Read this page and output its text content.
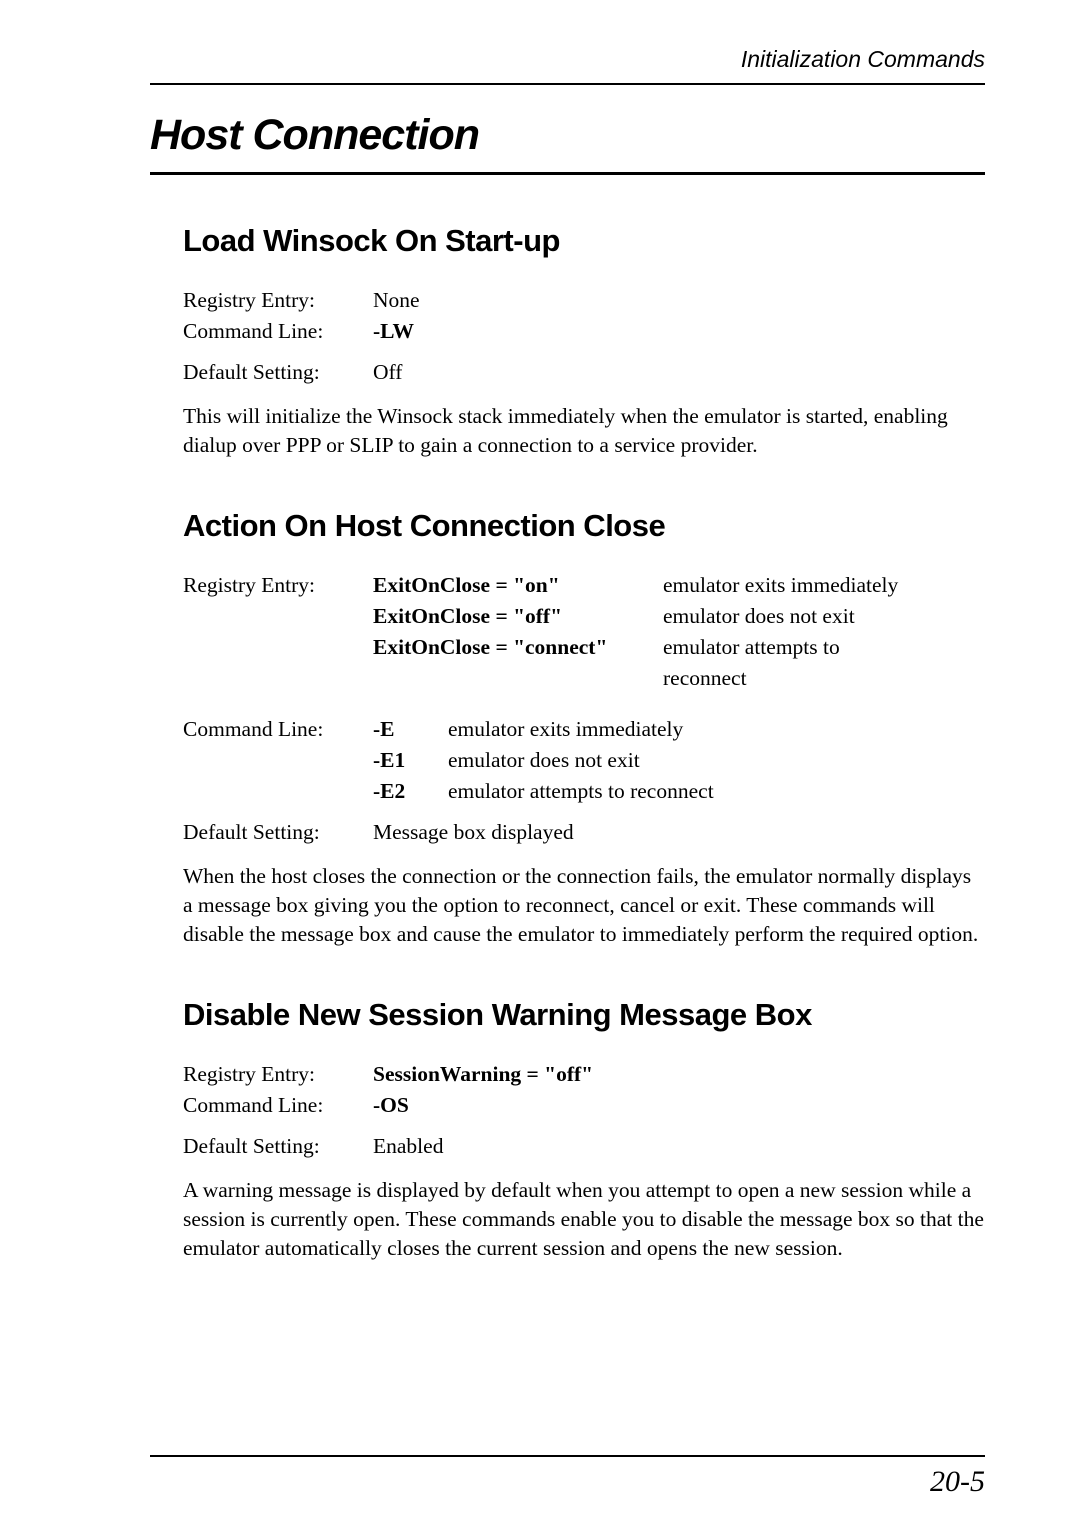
Initialization Commands
Host Connection
Load Winsock On Start-up
Registry Entry:	None
Command Line:	-LW
Default Setting:	Off

This will initialize the Winsock stack immediately when the emulator is started, enabling dialup over PPP or SLIP to gain a connection to a service provider.

Action On Host Connection Close
Registry Entry:	ExitOnClose = "on"	emulator exits immediately
ExitOnClose = "off"	emulator does not exit
ExitOnClose = "connect"	emulator attempts to
reconnect
Command Line:	-E	emulator exits immediately
-E1	emulator does not exit
-E2	emulator attempts to reconnect
Default Setting:	Message box displayed

When the host closes the connection or the connection fails, the emulator normally displays a message box giving you the option to reconnect, cancel or exit. These commands will disable the message box and cause the emulator to immediately perform the required option.

Disable New Session Warning Message Box
Registry Entry:	SessionWarning = "off"
Command Line:	-OS
Default Setting:	Enabled

A warning message is displayed by default when you attempt to open a new session while a session is currently open. These commands enable you to disable the message box so that the emulator automatically closes the current session and opens the new session.

20-5
